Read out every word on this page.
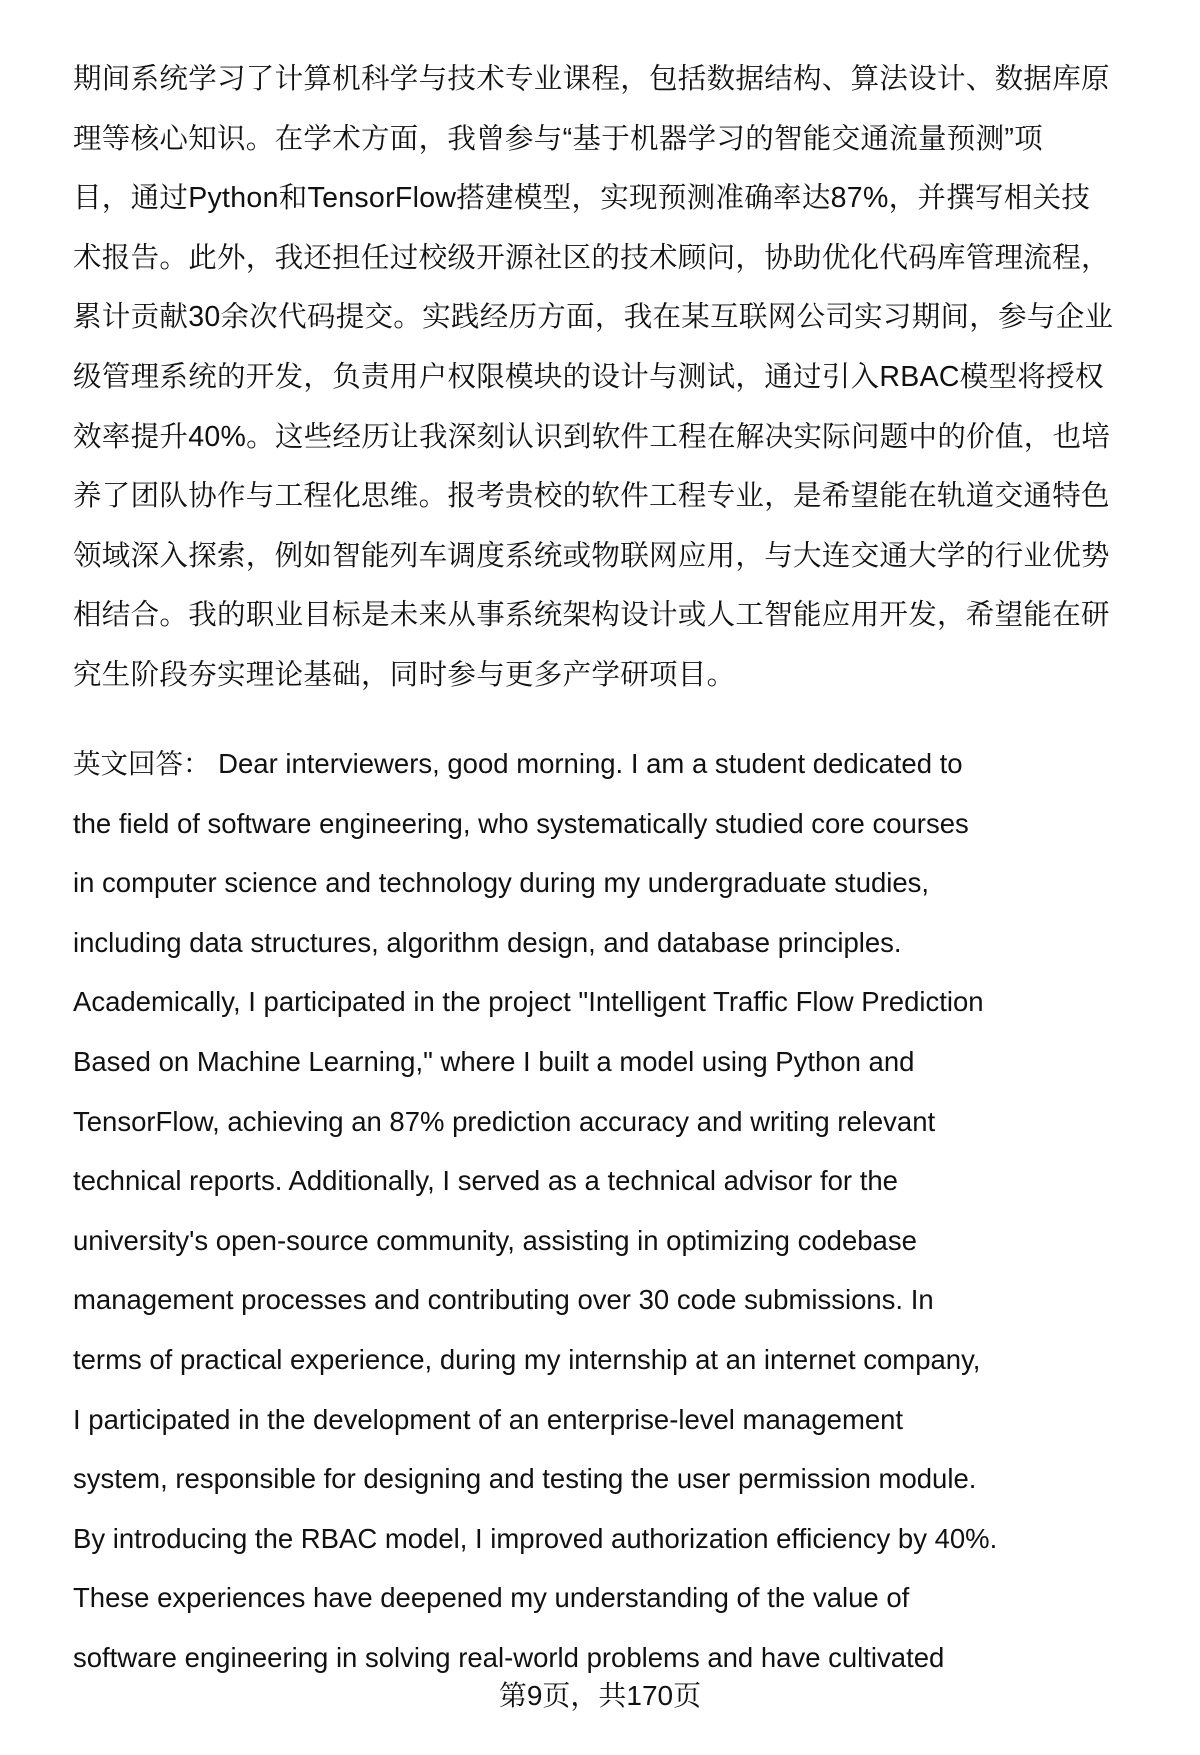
期间系统学习了计算机科学与技术专业课程，包括数据结构、算法设计、数据库原
理等核心知识。在学术方面，我曾参与“基于机器学习的智能交通流量预测”项
目，通过Python和TensorFlow搭建模型，实现预测准确率达87%，并撰写相关技
术报告。此外，我还担任过校级开源社区的技术顾问，协助优化代码库管理流程，
累计贡献30余次代码提交。实践经历方面，我在某互联网公司实习期间，参与企业
级管理系统的开发，负责用户权限模块的设计与测试，通过引入RBAC模型将授权
效率提升40%。这些经历让我深刻认识到软件工程在解决实际问题中的价值，也培
养了团队协作与工程化思维。报考贵校的软件工程专业，是希望能在轨道交通特色
领域深入探索，例如智能列车调度系统或物联网应用，与大连交通大学的行业优势
相结合。我的职业目标是未来从事系统架构设计或人工智能应用开发，希望能在研
究生阶段夯实理论基础，同时参与更多产学研项目。
英文回答： Dear interviewers, good morning. I am a student dedicated to
the field of software engineering, who systematically studied core courses
in computer science and technology during my undergraduate studies,
including data structures, algorithm design, and database principles.
Academically, I participated in the project "Intelligent Traffic Flow Prediction
Based on Machine Learning," where I built a model using Python and
TensorFlow, achieving an 87% prediction accuracy and writing relevant
technical reports. Additionally, I served as a technical advisor for the
university's open-source community, assisting in optimizing codebase
management processes and contributing over 30 code submissions. In
terms of practical experience, during my internship at an internet company,
I participated in the development of an enterprise-level management
system, responsible for designing and testing the user permission module.
By introducing the RBAC model, I improved authorization efficiency by 40%.
These experiences have deepened my understanding of the value of
software engineering in solving real-world problems and have cultivated
第9页，共170页
